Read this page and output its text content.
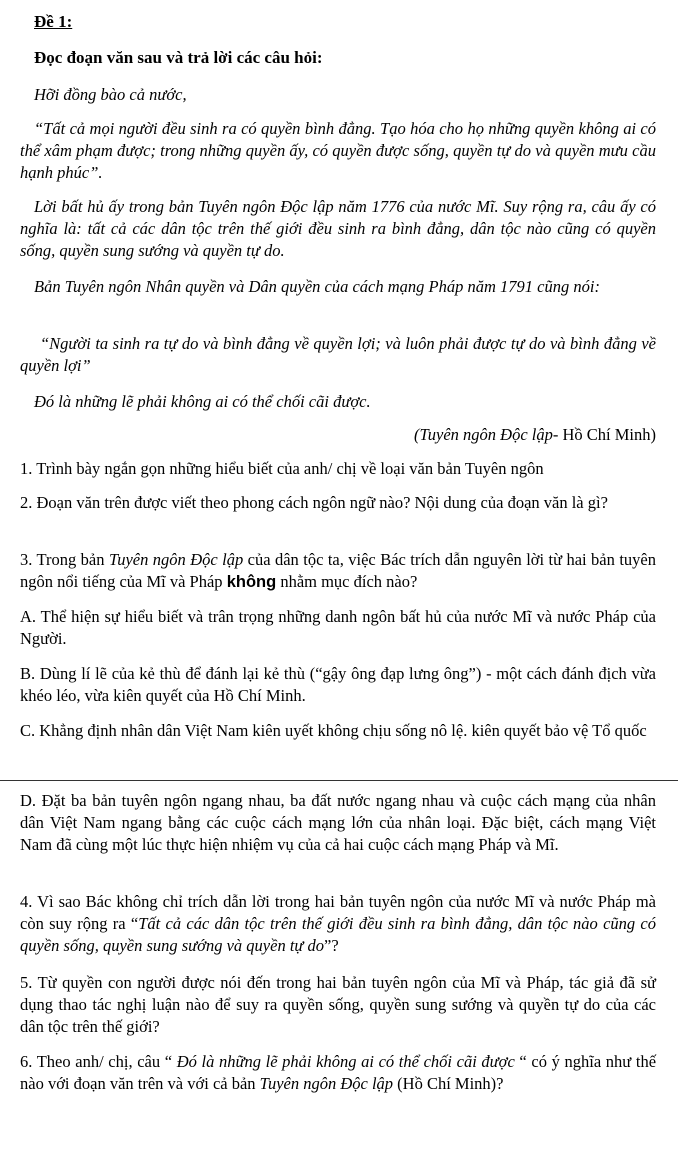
Đề 1:

Đọc đoạn văn sau và trả lời các câu hỏi:

Hỡi đồng bào cả nước,

“Tất cả mọi người đều sinh ra có quyền bình đẳng. Tạo hóa cho họ những quyền không ai có thể xâm phạm được; trong những quyền ấy, có quyền được sống, quyền tự do và quyền mưu cầu hạnh phúc”.

Lời bất hủ ấy trong bản Tuyên ngôn Độc lập năm 1776 của nước Mĩ. Suy rộng ra, câu ấy có nghĩa là: tất cả các dân tộc trên thế giới đều sinh ra bình đẳng, dân tộc nào cũng có quyền sống, quyền sung sướng và quyền tự do.

Bản Tuyên ngôn Nhân quyền và Dân quyền của cách mạng Pháp năm 1791 cũng nói:

“Người ta sinh ra tự do và bình đẳng về quyền lợi; và luôn phải được tự do và bình đẳng về quyền lợi”

Đó là những lẽ phải không ai có thể chối cãi được.

(Tuyên ngôn Độc lập- Hồ Chí Minh)

1. Trình bày ngắn gọn những hiểu biết của anh/ chị về loại văn bản Tuyên ngôn

2. Đoạn văn trên được viết theo phong cách ngôn ngữ nào? Nội dung của đoạn văn là gì?

3. Trong bản Tuyên ngôn Độc lập của dân tộc ta, việc Bác trích dẫn nguyên lời từ hai bản tuyên ngôn nổi tiếng của Mĩ và Pháp không nhằm mục đích nào?

A. Thể hiện sự hiểu biết và trân trọng những danh ngôn bất hủ của nước Mĩ và nước Pháp của Người.

B. Dùng lí lẽ của kẻ thù để đánh lại kẻ thù (“gậy ông đạp lưng ông”) - một cách đánh địch vừa khéo léo, vừa kiên quyết của Hồ Chí Minh.

C. Khẳng định nhân dân Việt Nam kiên uyết không chịu sống nô lệ. kiên quyết bảo vệ Tổ quốc

D. Đặt ba bản tuyên ngôn ngang nhau, ba đất nước ngang nhau và cuộc cách mạng của nhân dân Việt Nam ngang bằng các cuộc cách mạng lớn của nhân loại. Đặc biệt, cách mạng Việt Nam đã cùng một lúc thực hiện nhiệm vụ của cả hai cuộc cách mạng Pháp và Mĩ.

4. Vì sao Bác không chỉ trích dẫn lời trong hai bản tuyên ngôn của nước Mĩ và nước Pháp mà còn suy rộng ra “Tất cả các dân tộc trên thế giới đều sinh ra bình đẳng, dân tộc nào cũng có quyền sống, quyền sung sướng và quyền tự do”?

5. Từ quyền con người được nói đến trong hai bản tuyên ngôn của Mĩ và Pháp, tác giả đã sử dụng thao tác nghị luận nào để suy ra quyền sống, quyền sung sướng và quyền tự do của các dân tộc trên thế giới?

6. Theo anh/ chị, câu “ Đó là những lẽ phải không ai có thể chối cãi được “ có ý nghĩa như thế nào với đoạn văn trên và với cả bản Tuyên ngôn Độc lập (Hồ Chí Minh)?
